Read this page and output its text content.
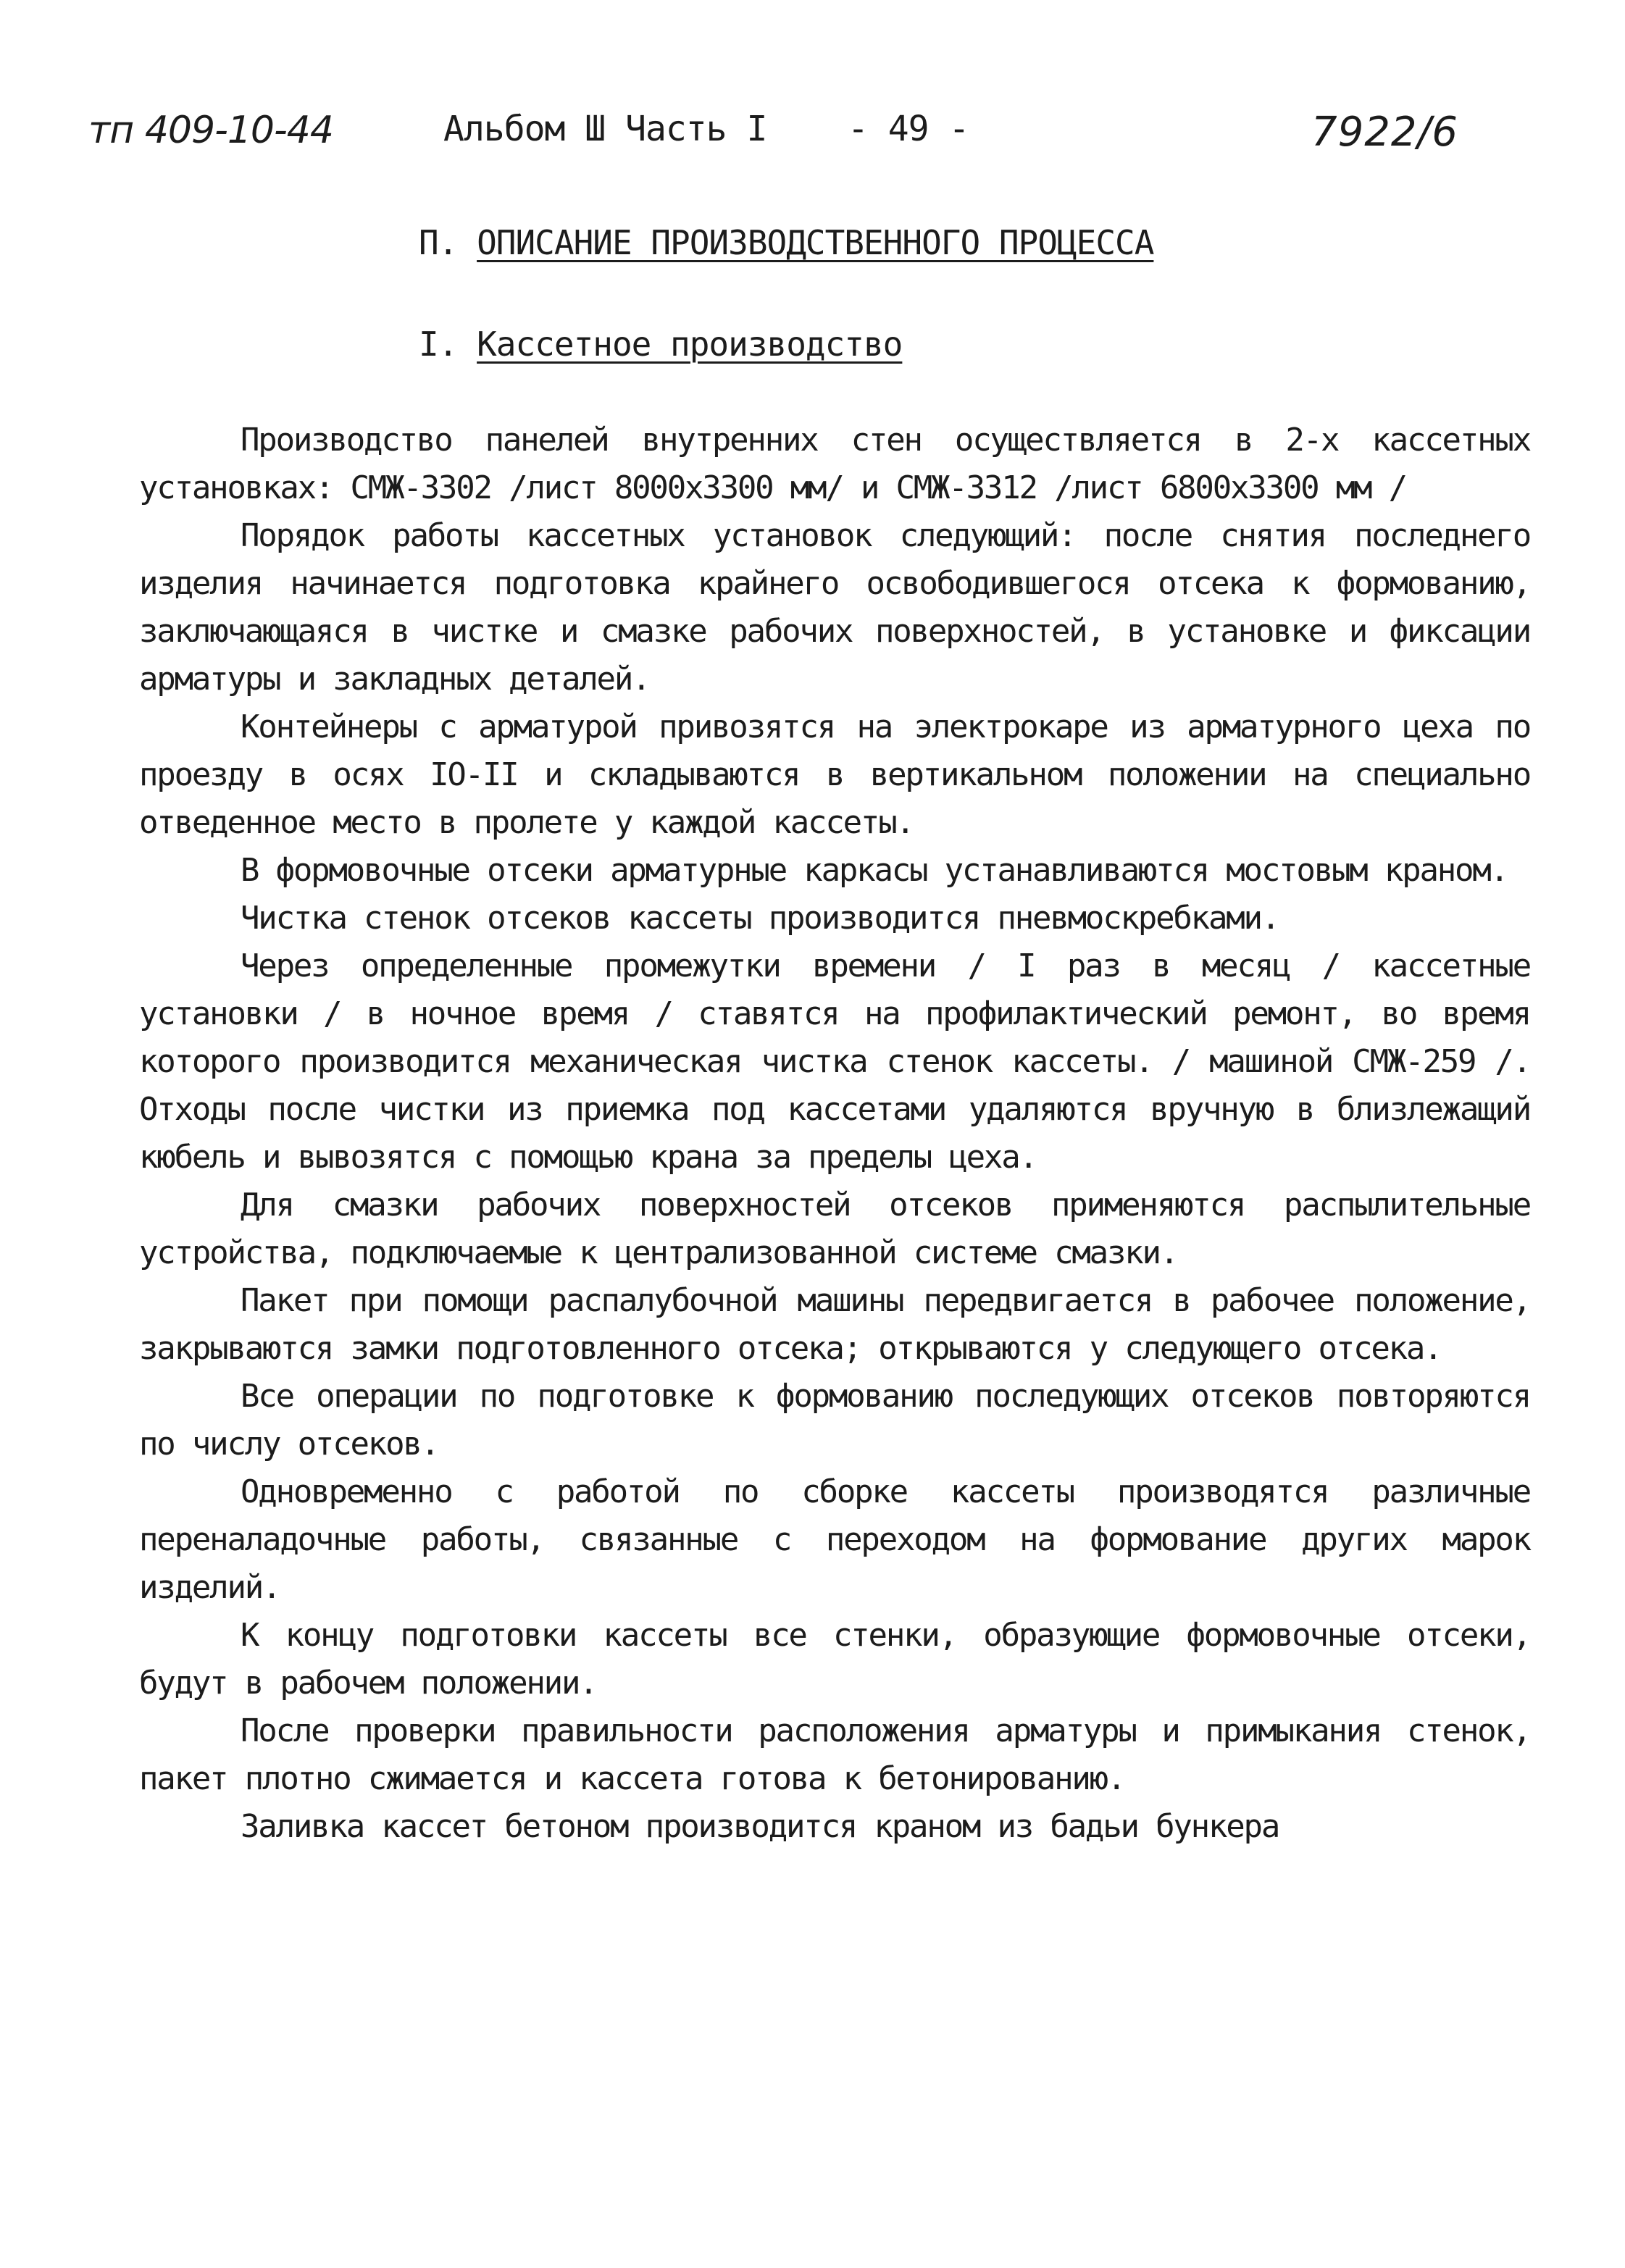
тп 409-10-44	Альбом Ш Часть I - 49 -	7922/6
П. ОПИСАНИЕ ПРОИЗВОДСТВЕННОГО ПРОЦЕССА
I. Кассетное производство

Производство панелей внутренних стен осуществляется в 2-х кассетных установках: СМЖ-3302 /лист 8000х3300 мм/ и СМЖ-3312 /лист 6800х3300 мм /

Порядок работы кассетных установок следующий: после снятия последнего изделия начинается подготовка крайнего освободившегося отсека к формованию, заключающаяся в чистке и смазке рабочих поверхностей, в установке и фиксации арматуры и закладных деталей.

Контейнеры с арматурой привозятся на электрокаре из арматурного цеха по проезду в осях IO-II и складываются в вертикальном положении на специально отведенное место в пролете у каждой кассеты.

В формовочные отсеки арматурные каркасы устанавливаются мостовым краном.

Чистка стенок отсеков кассеты производится пневмоскребками.

Через определенные промежутки времени / I раз в месяц / кассетные установки / в ночное время / ставятся на профилактический ремонт, во время которого производится механическая чистка стенок кассеты. / машиной СМЖ-259 /. Отходы после чистки из приемка под кассетами удаляются вручную в близлежащий кюбель и вывозятся с помощью крана за пределы цеха.

Для смазки рабочих поверхностей отсеков применяются распылительные устройства, подключаемые к централизованной системе смазки.

Пакет при помощи распалубочной машины передвигается в рабочее положение, закрываются замки подготовленного отсека; открываются у следующего отсека.

Все операции по подготовке к формованию последующих отсеков повторяются по числу отсеков.

Одновременно с работой по сборке кассеты производятся различные переналадочные работы, связанные с переходом на формование других марок изделий.

К концу подготовки кассеты все стенки, образующие формовочные отсеки, будут в рабочем положении.

После проверки правильности расположения арматуры и примыкания стенок, пакет плотно сжимается и кассета готова к бетонированию.

Заливка кассет бетоном производится краном из бадьи бункера
